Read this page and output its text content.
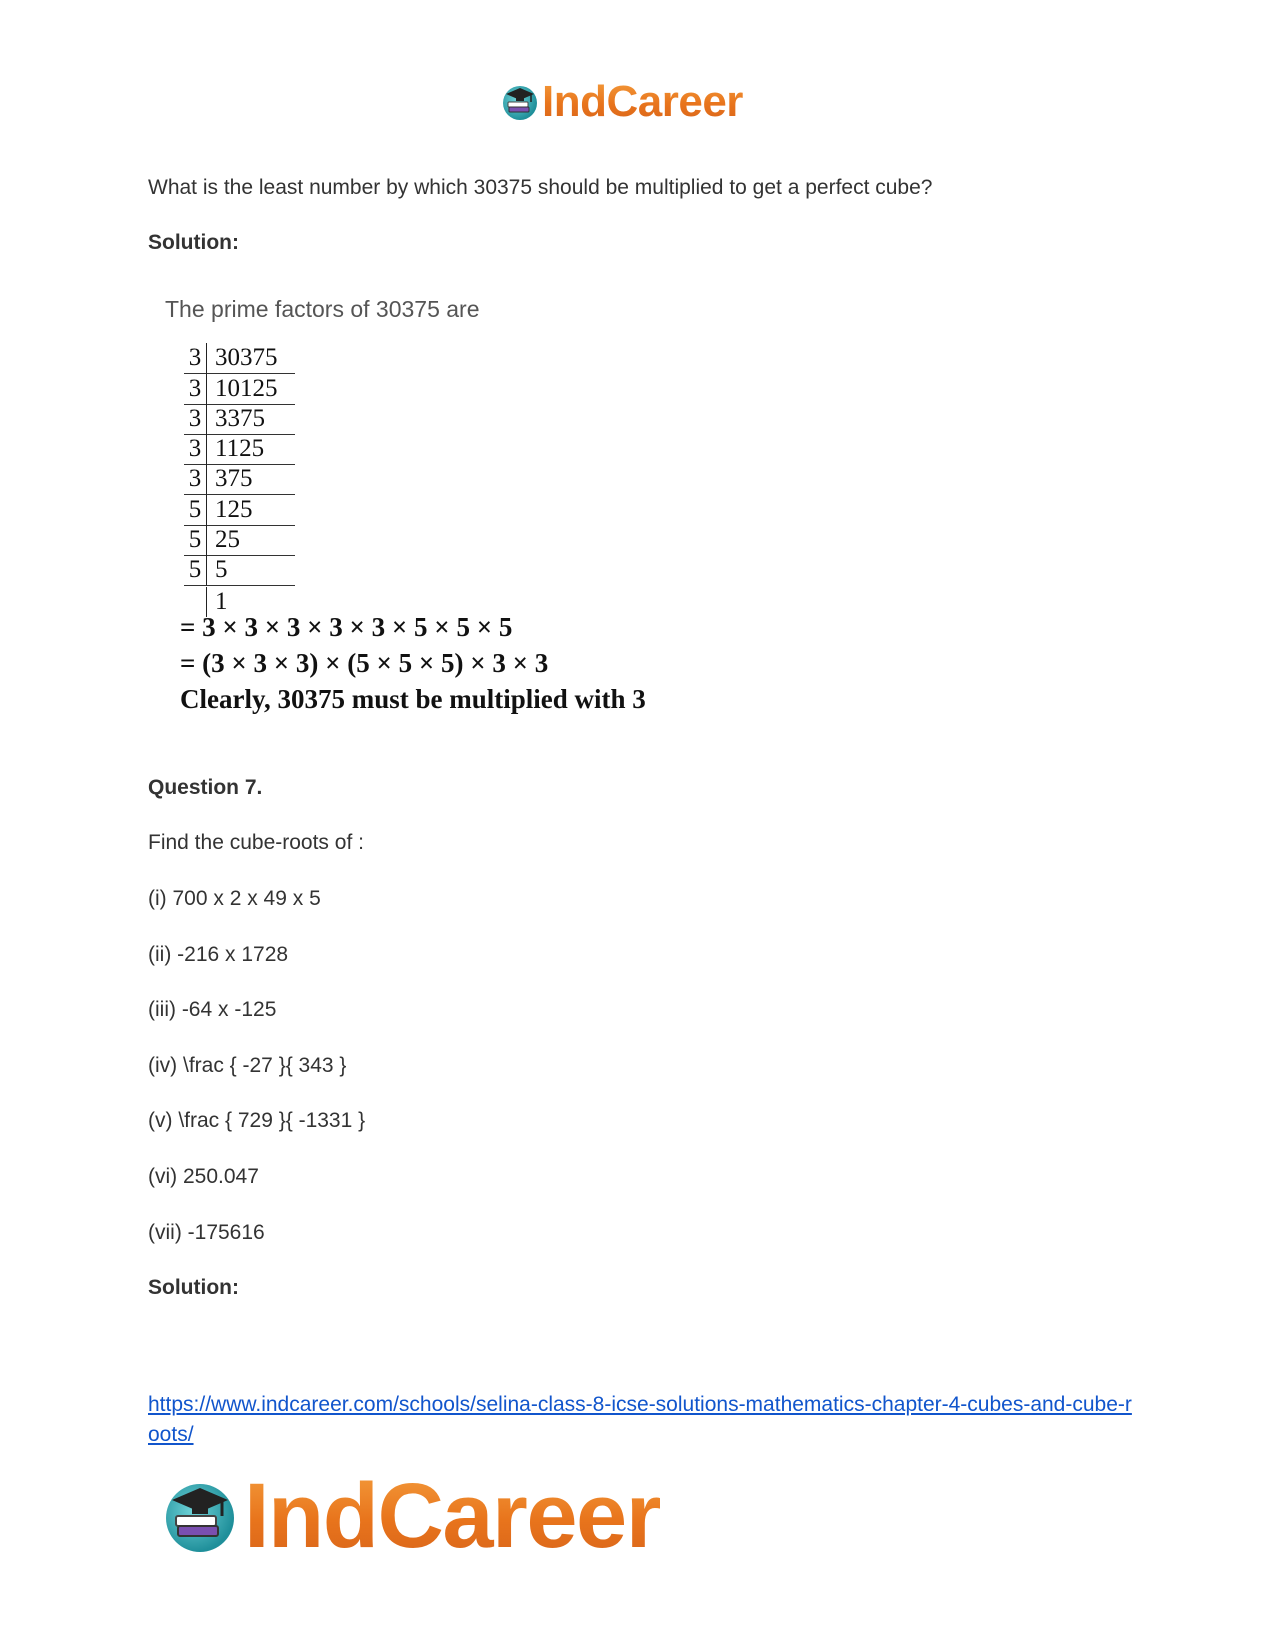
IndCareer
What is the least number by which 30375 should be multiplied to get a perfect cube?
Solution:
The prime factors of 30375 are
3 30375
3 10125
3 3375
3 1125
3 375
5 125
5 25
5 5
1
= 3 × 3 × 3 × 3 × 3 × 5 × 5 × 5
= (3 × 3 × 3) × (5 × 5 × 5) × 3 × 3
Clearly, 30375 must be multiplied with 3
Question 7.
Find the cube-roots of :
(i) 700 x 2 x 49 x 5
(ii) -216 x 1728
(iii) -64 x -125
(iv) \frac { -27 }{ 343 }
(v) \frac { 729 }{ -1331 }
(vi) 250.047
(vii) -175616
Solution:
https://www.indcareer.com/schools/selina-class-8-icse-solutions-mathematics-chapter-4-cubes-and-cube-roots/
IndCareer
